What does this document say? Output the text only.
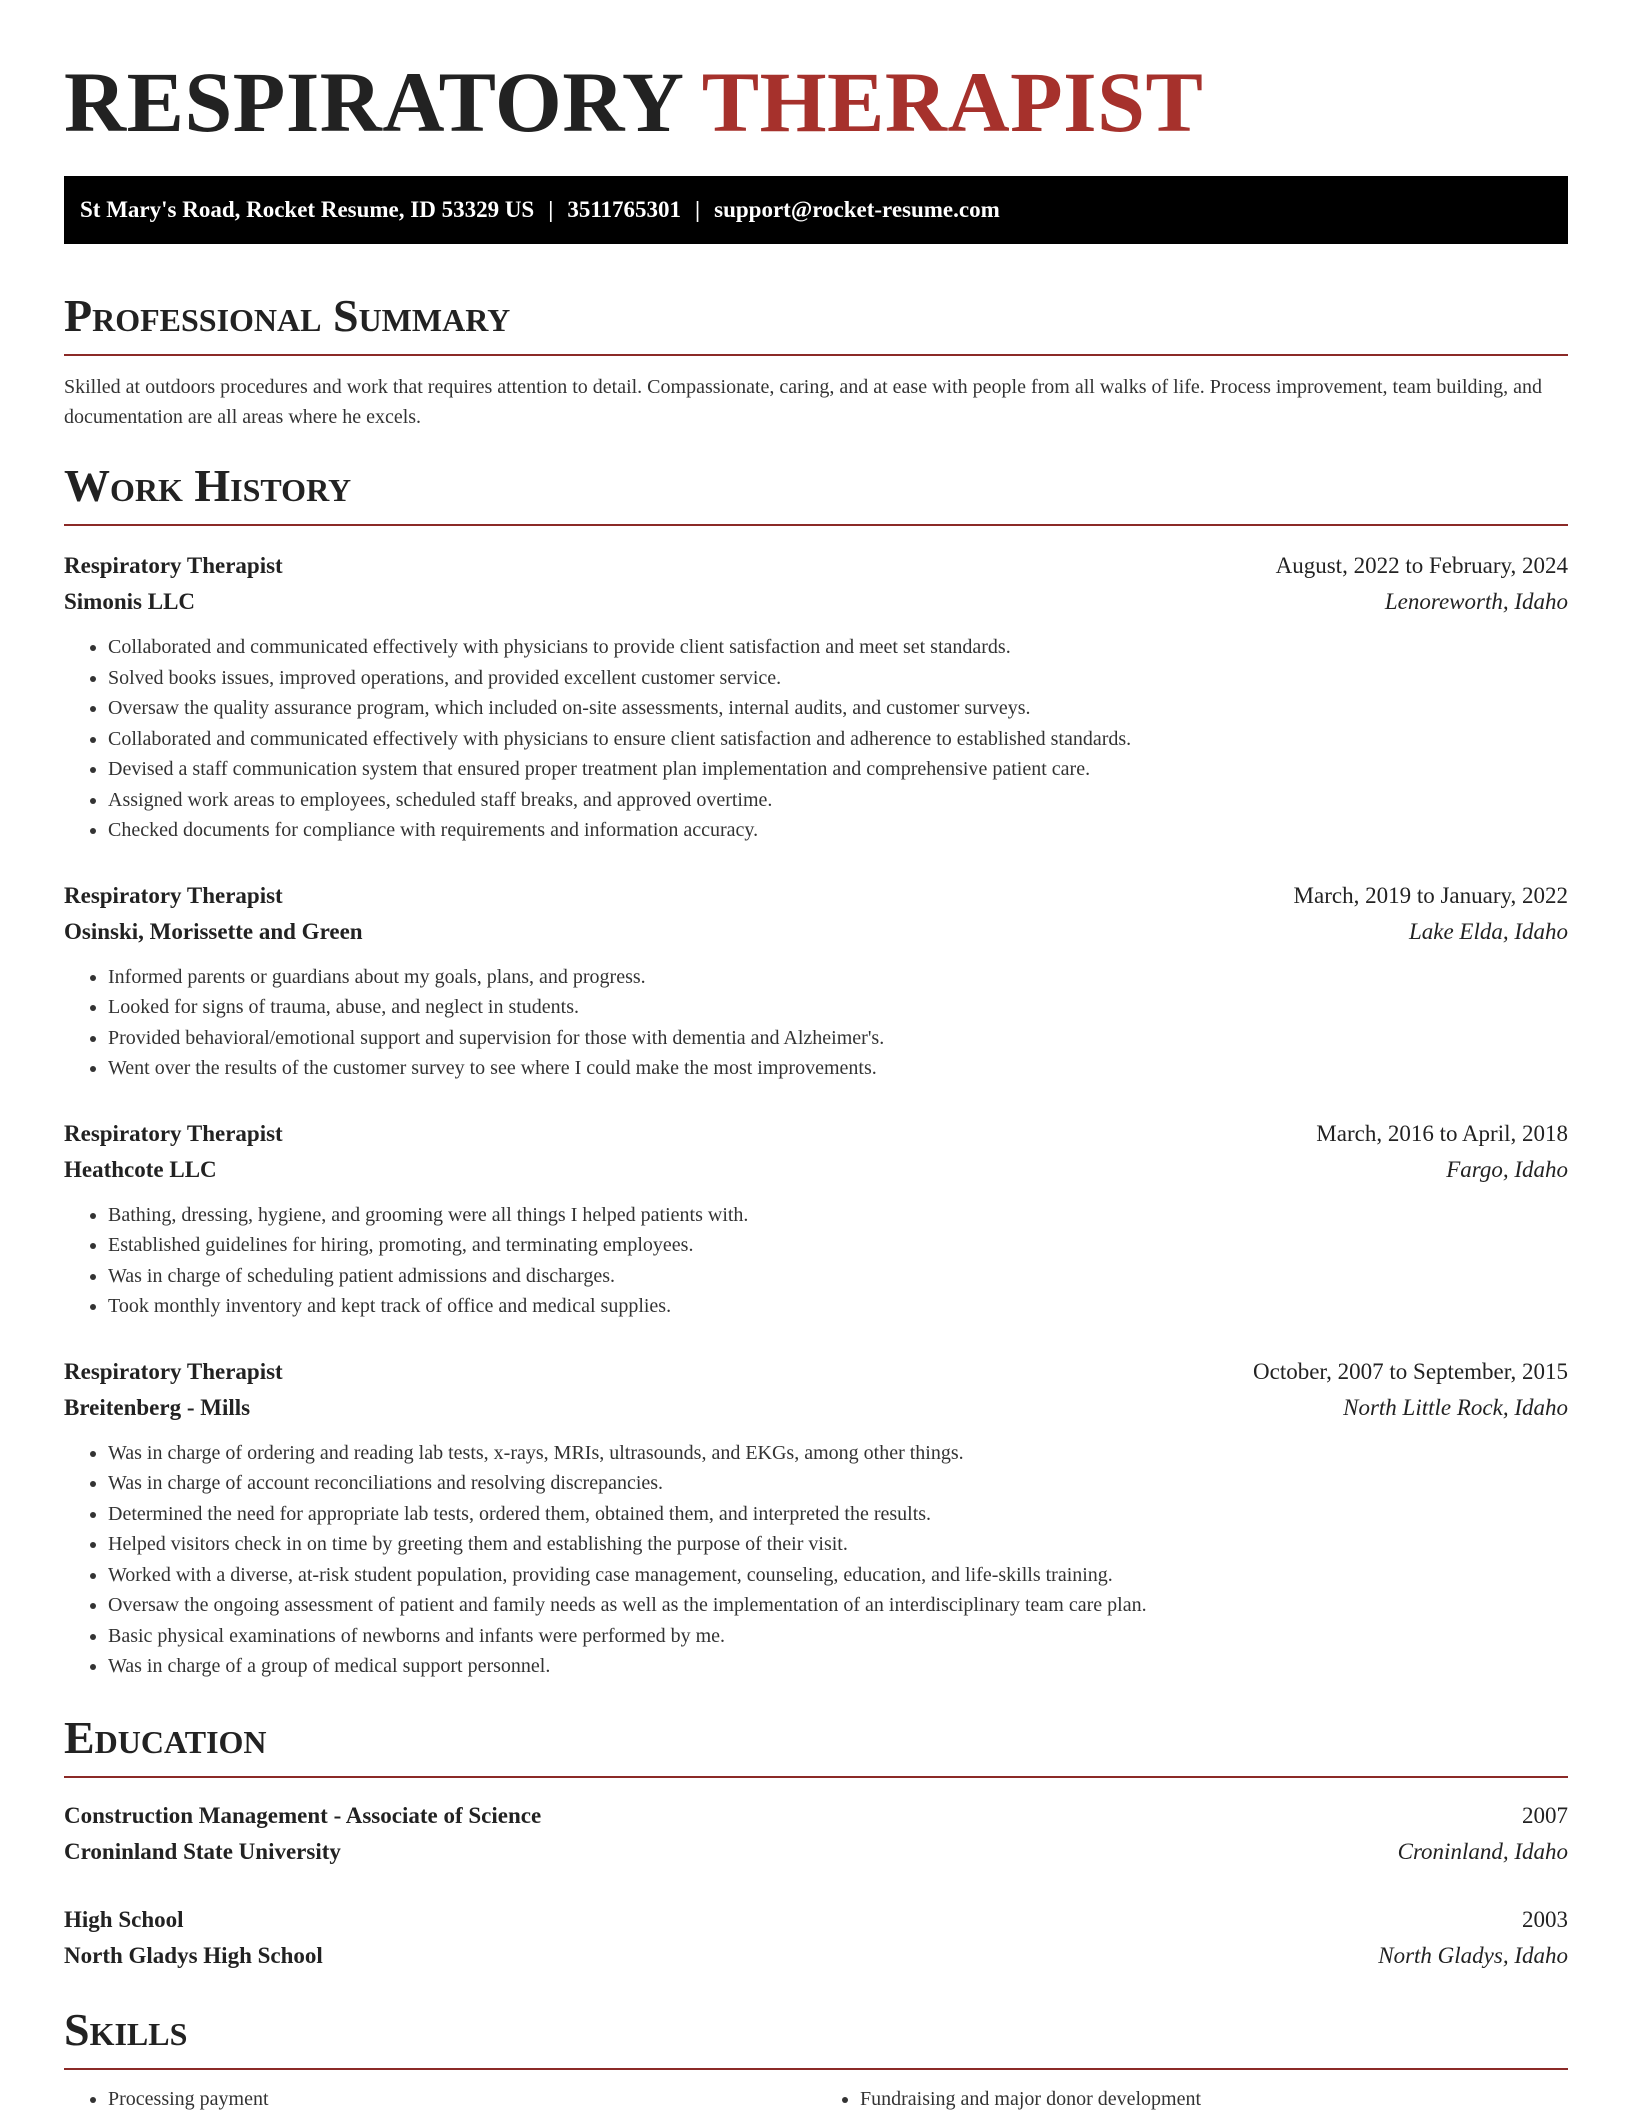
RESPIRATORY THERAPIST
St Mary's Road, Rocket Resume, ID 53329 US | 3511765301 | support@rocket-resume.com
Professional Summary

Skilled at outdoors procedures and work that requires attention to detail. Compassionate, caring, and at ease with people from all walks of life. Process improvement, team building, and documentation are all areas where he excels.

Work History
Respiratory Therapist	August, 2022 to February, 2024
Simonis LLC	Lenoreworth, Idaho
• Collaborated and communicated effectively with physicians to provide client satisfaction and meet set standards.
• Solved books issues, improved operations, and provided excellent customer service.
• Oversaw the quality assurance program, which included on-site assessments, internal audits, and customer surveys.
• Collaborated and communicated effectively with physicians to ensure client satisfaction and adherence to established standards.
• Devised a staff communication system that ensured proper treatment plan implementation and comprehensive patient care.
• Assigned work areas to employees, scheduled staff breaks, and approved overtime.
• Checked documents for compliance with requirements and information accuracy.
Respiratory Therapist	March, 2019 to January, 2022
Osinski, Morissette and Green	Lake Elda, Idaho
• Informed parents or guardians about my goals, plans, and progress.
• Looked for signs of trauma, abuse, and neglect in students.
• Provided behavioral/emotional support and supervision for those with dementia and Alzheimer's.
• Went over the results of the customer survey to see where I could make the most improvements.
Respiratory Therapist	March, 2016 to April, 2018
Heathcote LLC	Fargo, Idaho
• Bathing, dressing, hygiene, and grooming were all things I helped patients with.
• Established guidelines for hiring, promoting, and terminating employees.
• Was in charge of scheduling patient admissions and discharges.
• Took monthly inventory and kept track of office and medical supplies.
Respiratory Therapist	October, 2007 to September, 2015
Breitenberg - Mills	North Little Rock, Idaho
• Was in charge of ordering and reading lab tests, x-rays, MRIs, ultrasounds, and EKGs, among other things.
• Was in charge of account reconciliations and resolving discrepancies.
• Determined the need for appropriate lab tests, ordered them, obtained them, and interpreted the results.
• Helped visitors check in on time by greeting them and establishing the purpose of their visit.
• Worked with a diverse, at-risk student population, providing case management, counseling, education, and life-skills training.
• Oversaw the ongoing assessment of patient and family needs as well as the implementation of an interdisciplinary team care plan.
• Basic physical examinations of newborns and infants were performed by me.
• Was in charge of a group of medical support personnel.
Education
Construction Management - Associate of Science	2007
Croninland State University	Croninland, Idaho
High School	2003
North Gladys High School	North Gladys, Idaho
Skills
• Processing payment
•	Fundraising and major donor development
